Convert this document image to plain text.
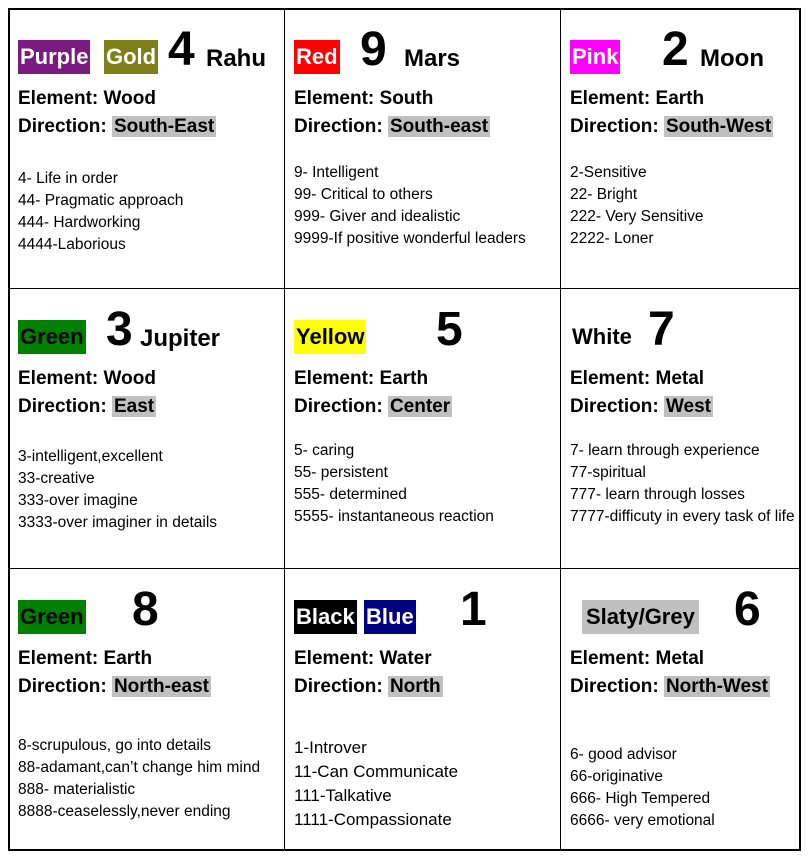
Purple Gold 4 Rahu
Element: Wood
Direction: South-East
4- Life in order
44- Pragmatic approach
444- Hardworking
4444-Laborious
Red 9 Mars
Element: South
Direction: South-east
9- Intelligent
99- Critical to others
999- Giver and idealistic
9999-If positive wonderful leaders
Pink 2 Moon
Element: Earth
Direction: South-West
2-Sensitive
22- Bright
222- Very Sensitive
2222- Loner
Green 3 Jupiter
Element: Wood
Direction: East
3-intelligent,excellent
33-creative
333-over imagine
3333-over imaginer in details
Yellow 5
Element: Earth
Direction: Center
5- caring
55- persistent
555- determined
5555- instantaneous reaction
White 7
Element: Metal
Direction: West
7- learn through experience
77-spiritual
777- learn through losses
7777-difficuty in every task of life
Green 8
Element: Earth
Direction: North-east
8-scrupulous, go into details
88-adamant,can’t change him mind
888- materialistic
8888-ceaselessly,never ending
Black Blue 1
Element: Water
Direction: North
1-Introver
11-Can Communicate
111-Talkative
1111-Compassionate
Slaty/Grey 6
Element: Metal
Direction: North-West
6- good advisor
66-originative
666- High Tempered
6666- very emotional
